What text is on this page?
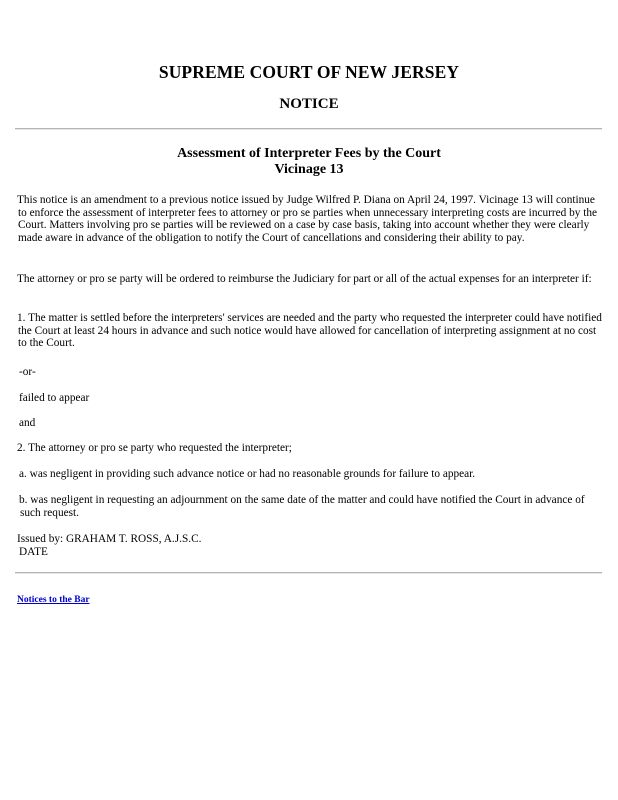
SUPREME COURT OF NEW JERSEY
NOTICE
Assessment of Interpreter Fees by the Court
Vicinage 13

This notice is an amendment to a previous notice issued by Judge Wilfred P. Diana on April 24, 1997. Vicinage 13 will continue to enforce the assessment of interpreter fees to attorney or pro se parties when unnecessary interpreting costs are incurred by the Court. Matters involving pro se parties will be reviewed on a case by case basis, taking into account whether they were clearly made aware in advance of the obligation to notify the Court of cancellations and considering their ability to pay.

The attorney or pro se party will be ordered to reimburse the Judiciary for part or all of the actual expenses for an interpreter if:

1. The matter is settled before the interpreters' services are needed and the party who requested the interpreter could have notified the Court at least 24 hours in advance and such notice would have allowed for cancellation of interpreting assignment at no cost to the Court.

-or-

failed to appear

and

2. The attorney or pro se party who requested the interpreter;

a. was negligent in providing such advance notice or had no reasonable grounds for failure to appear.

b. was negligent in requesting an adjournment on the same date of the matter and could have notified the Court in advance of such request.

Issued by: GRAHAM T. ROSS, A.J.S.C.

DATE

Notices to the Bar
